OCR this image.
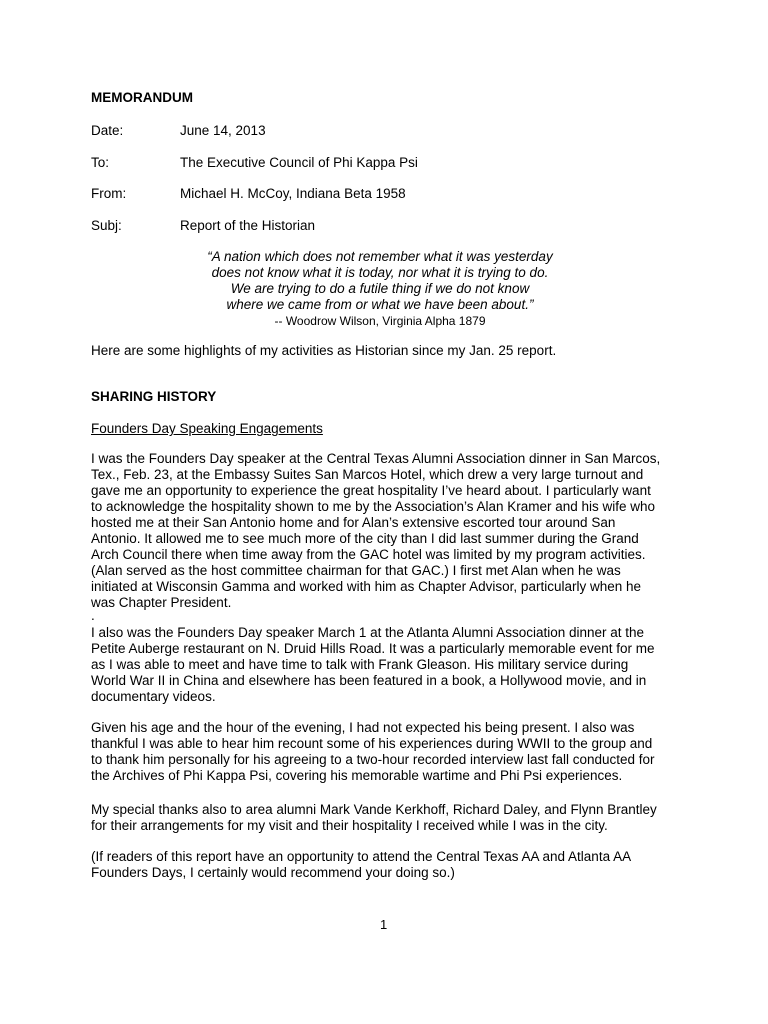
MEMORANDUM
Date:	June 14, 2013
To:	The Executive Council of Phi Kappa Psi
From:	Michael H. McCoy, Indiana Beta 1958
Subj:	Report of the Historian
“A nation which does not remember what it was yesterday
does not know what it is today, nor what it is trying to do.
We are trying to do a futile thing if we do not know
where we came from or what we have been about.”
-- Woodrow Wilson, Virginia Alpha 1879
Here are some highlights of my activities as Historian since my Jan. 25 report.
SHARING HISTORY
Founders Day Speaking Engagements
I was the Founders Day speaker at the Central Texas Alumni Association dinner in San Marcos,
Tex., Feb. 23, at the Embassy Suites San Marcos Hotel, which drew a very large turnout and
gave me an opportunity to experience the great hospitality I’ve heard about. I particularly want
to acknowledge the hospitality shown to me by the Association’s Alan Kramer and his wife who
hosted me at their San Antonio home and for Alan’s extensive escorted tour around San
Antonio. It allowed me to see much more of the city than I did last summer during the Grand
Arch Council there when time away from the GAC hotel was limited by my program activities.
(Alan served as the host committee chairman for that GAC.) I first met Alan when he was
initiated at Wisconsin Gamma and worked with him as Chapter Advisor, particularly when he
was Chapter President.
.
I also was the Founders Day speaker March 1 at the Atlanta Alumni Association dinner at the
Petite Auberge restaurant on N. Druid Hills Road. It was a particularly memorable event for me
as I was able to meet and have time to talk with Frank Gleason. His military service during
World War II in China and elsewhere has been featured in a book, a Hollywood movie, and in
documentary videos.
Given his age and the hour of the evening, I had not expected his being present. I also was
thankful I was able to hear him recount some of his experiences during WWII to the group and
to thank him personally for his agreeing to a two-hour recorded interview last fall conducted for
the Archives of Phi Kappa Psi, covering his memorable wartime and Phi Psi experiences.
My special thanks also to area alumni Mark Vande Kerkhoff, Richard Daley, and Flynn Brantley
for their arrangements for my visit and their hospitality I received while I was in the city.
(If readers of this report have an opportunity to attend the Central Texas AA and Atlanta AA
Founders Days, I certainly would recommend your doing so.)
1
